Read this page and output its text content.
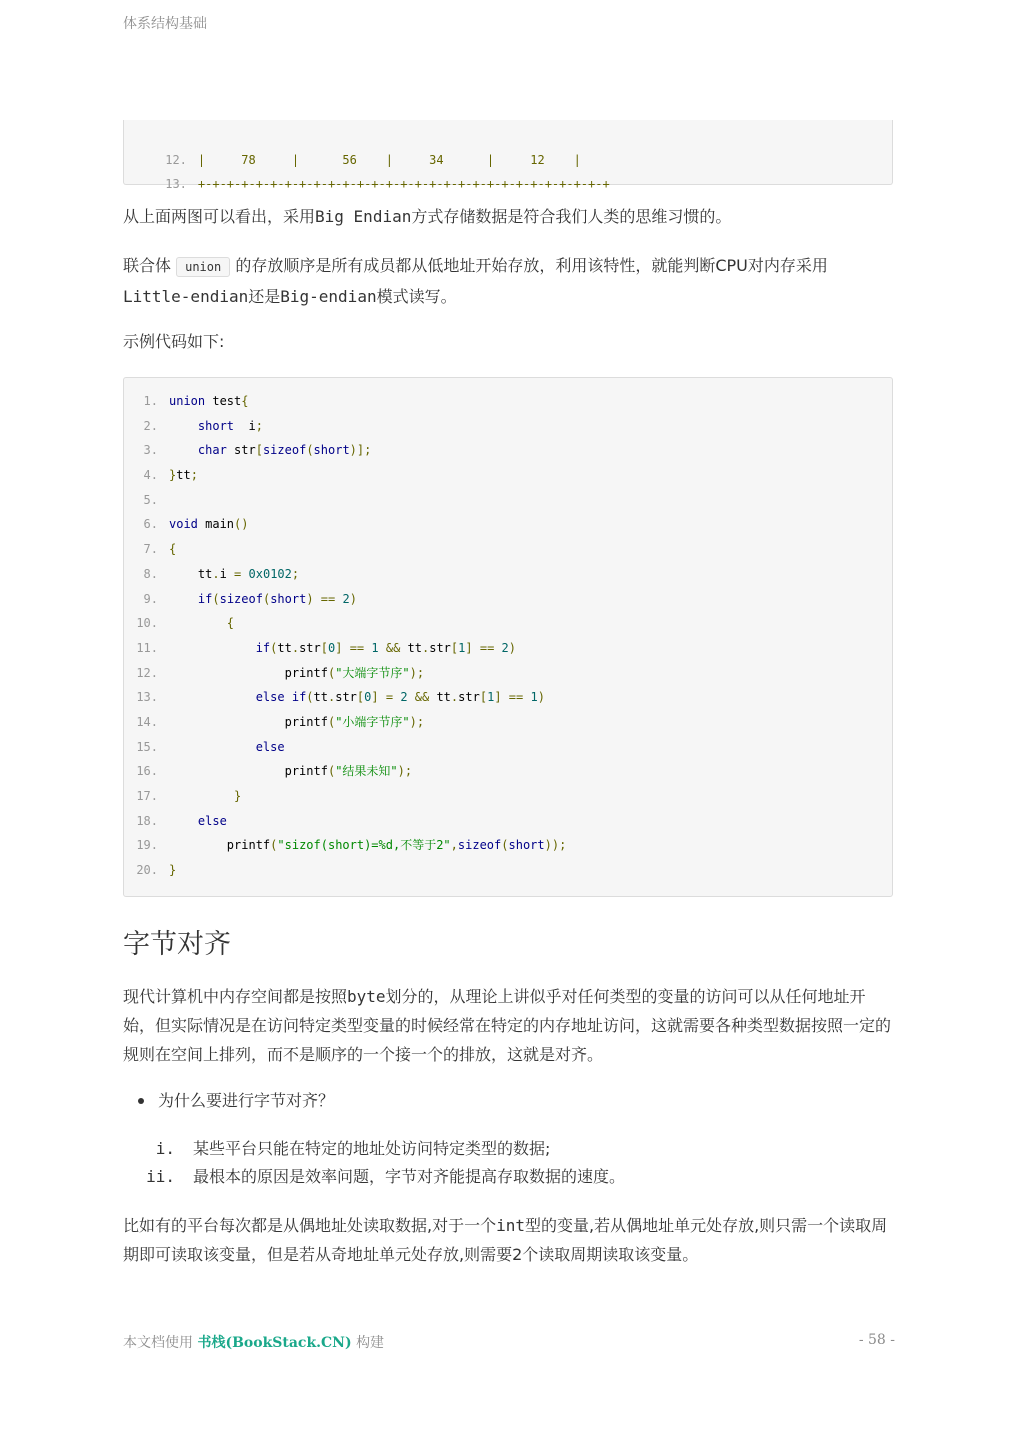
体系结构基础

12. |     78     |      56    |     34      |     12    |

13. +-+-+-+-+-+-+-+-+-+-+-+-+-+-+-+-+-+-+-+-+-+-+-+-+-+-+-+-+

从上面两图可以看出，采用Big Endian方式存储数据是符合我们人类的思维习惯的。
联合体 union 的存放顺序是所有成员都从低地址开始存放，利用该特性，就能判断CPU对内存采用Little-endian还是Big-endian模式读写。
示例代码如下:
1. union test{
2.	short  i;
3.	char str[sizeof(short)];
4. }tt;
5.
6. void main()
7. {
8.    tt.i = 0x0102;
9.	if(sizeof(short) == 2)
10.	{
11.	if(tt.str[0] == 1 && tt.str[1] == 2)
12.                printf("大端字节序");
13.	else if(tt.str[0] = 2 && tt.str[1] == 1)
14.                printf("小端字节序");
15.	else
16.                printf("结果未知");
17.	}
18.	else
19.        printf("sizof(short)=%d,不等于2",sizeof(short));
20. }
字节对齐
现代计算机中内存空间都是按照byte划分的，从理论上讲似乎对任何类型的变量的访问可以从任何地址开始，但实际情况是在访问特定类型变量的时候经常在特定的内存地址访问，这就需要各种类型数据按照一定的规则在空间上排列，而不是顺序的一个接一个的排放，这就是对齐。
为什么要进行字节对齐？
i. 某些平台只能在特定的地址处访问特定类型的数据;
ii. 最根本的原因是效率问题，字节对齐能提高存取数据的速度。
比如有的平台每次都是从偶地址处读取数据,对于一个int型的变量,若从偶地址单元处存放,则只需一个读取周期即可读取该变量，但是若从奇地址单元处存放,则需要2个读取周期读取该变量。
本文档使用 书栈(BookStack.CN) 构建	- 58 -
